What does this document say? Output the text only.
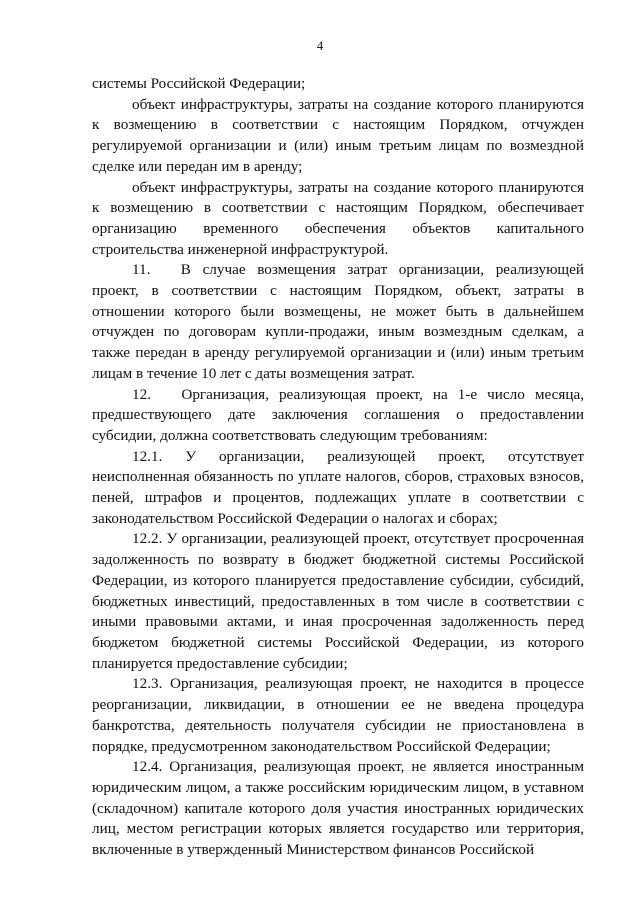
4

системы Российской Федерации;

объект инфраструктуры, затраты на создание которого планируются к возмещению в соответствии с настоящим Порядком, отчужден регулируемой организации и (или) иным третьим лицам по возмездной сделке или передан им в аренду;

объект инфраструктуры, затраты на создание которого планируются к возмещению в соответствии с настоящим Порядком, обеспечивает организацию временного обеспечения объектов капитального строительства инженерной инфраструктурой.

11.  В случае возмещения затрат организации, реализующей проект, в соответствии с настоящим Порядком, объект, затраты в отношении которого были возмещены, не может быть в дальнейшем отчужден по договорам купли-продажи, иным возмездным сделкам, а также передан в аренду регулируемой организации и (или) иным третьим лицам в течение 10 лет с даты возмещения затрат.

12.  Организация, реализующая проект, на 1-е число месяца, предшествующего дате заключения соглашения о предоставлении субсидии, должна соответствовать следующим требованиям:

12.1. У организации, реализующей проект, отсутствует неисполненная обязанность по уплате налогов, сборов, страховых взносов, пеней, штрафов и процентов, подлежащих уплате в соответствии с законодательством Российской Федерации о налогах и сборах;

12.2. У организации, реализующей проект, отсутствует просроченная задолженность по возврату в бюджет бюджетной системы Российской Федерации, из которого планируется предоставление субсидии, субсидий, бюджетных инвестиций, предоставленных в том числе в соответствии с иными правовыми актами, и иная просроченная задолженность перед бюджетом бюджетной системы Российской Федерации, из которого планируется предоставление субсидии;

12.3. Организация, реализующая проект, не находится в процессе реорганизации, ликвидации, в отношении ее не введена процедура банкротства, деятельность получателя субсидии не приостановлена в порядке, предусмотренном законодательством Российской Федерации;

12.4. Организация, реализующая проект, не является иностранным юридическим лицом, а также российским юридическим лицом, в уставном (складочном) капитале которого доля участия иностранных юридических лиц, местом регистрации которых является государство или территория, включенные в утвержденный Министерством финансов Российской
